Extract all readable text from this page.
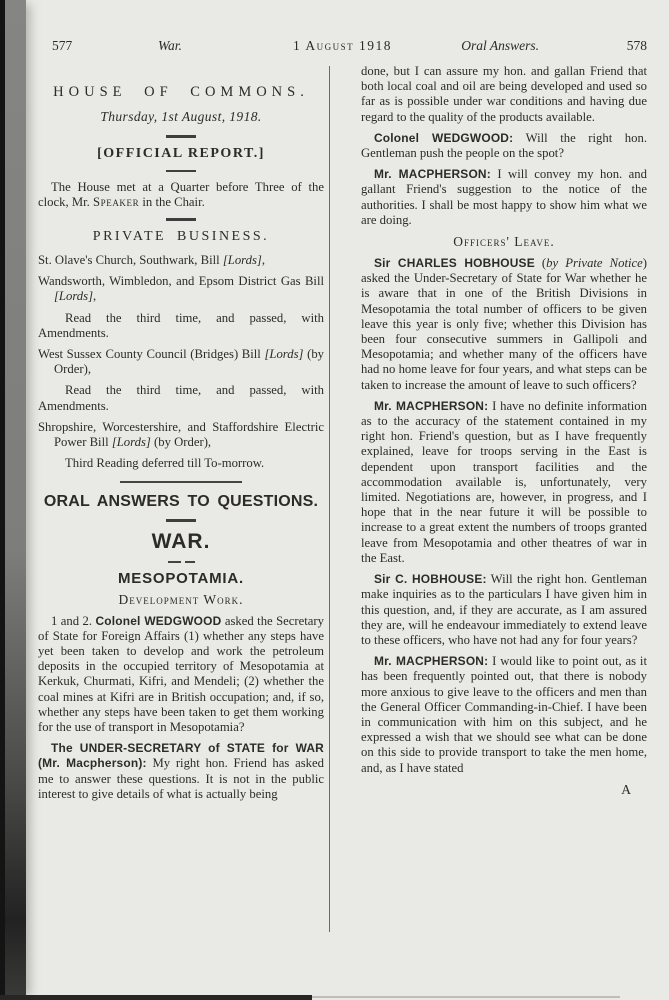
577	War.	1 August 1918	Oral Answers.	578
HOUSE OF COMMONS.
Thursday, 1st August, 1918.
[OFFICIAL REPORT.]
The House met at a Quarter before Three of the clock, Mr. Speaker in the Chair.
PRIVATE BUSINESS.
St. Olave's Church, Southwark, Bill [Lords],
Wandsworth, Wimbledon, and Epsom District Gas Bill [Lords],
Read the third time, and passed, with Amendments.
West Sussex County Council (Bridges) Bill [Lords] (by Order),
Read the third time, and passed, with Amendments.
Shropshire, Worcestershire, and Staffordshire Electric Power Bill [Lords] (by Order),
Third Reading deferred till To-morrow.
ORAL ANSWERS TO QUESTIONS.
WAR.
MESOPOTAMIA.
Development Work.
1 and 2. Colonel WEDGWOOD asked the Secretary of State for Foreign Affairs (1) whether any steps have yet been taken to develop and work the petroleum deposits in the occupied territory of Mesopotamia at Kerkuk, Churmati, Kifri, and Mendeli; (2) whether the coal mines at Kifri are in British occupation; and, if so, whether any steps have been taken to get them working for the use of transport in Mesopotamia?
The UNDER-SECRETARY of STATE for WAR (Mr. Macpherson): My right hon. Friend has asked me to answer these questions. It is not in the public interest to give details of what is actually being
done, but I can assure my hon. and gallan Friend that both local coal and oil are being developed and used so far as is possible under war conditions and having due regard to the quality of the products available.
Colonel WEDGWOOD: Will the right hon. Gentleman push the people on the spot?
Mr. MACPHERSON: I will convey my hon. and gallant Friend's suggestion to the notice of the authorities. I shall be most happy to show him what we are doing.
Officers' Leave.
Sir CHARLES HOBHOUSE (by Private Notice) asked the Under-Secretary of State for War whether he is aware that in one of the British Divisions in Mesopotamia the total number of officers to be given leave this year is only five; whether this Division has been four consecutive summers in Gallipoli and Mesopotamia; and whether many of the officers have had no home leave for four years, and what steps can be taken to increase the amount of leave to such officers?
Mr. MACPHERSON: I have no definite information as to the accuracy of the statement contained in my right hon. Friend's question, but as I have frequently explained, leave for troops serving in the East is dependent upon transport facilities and the accommodation available is, unfortunately, very limited. Negotiations are, however, in progress, and I hope that in the near future it will be possible to increase to a great extent the numbers of troops granted leave from Mesopotamia and other theatres of war in the East.
Sir C. HOBHOUSE: Will the right hon. Gentleman make inquiries as to the particulars I have given him in this question, and, if they are accurate, as I am assured they are, will he endeavour immediately to extend leave to these officers, who have not had any for four years?
Mr. MACPHERSON: I would like to point out, as it has been frequently pointed out, that there is nobody more anxious to give leave to the officers and men than the General Officer Commanding-in-Chief. I have been in communication with him on this subject, and he expressed a wish that we should see what can be done on this side to provide transport to take the men home, and, as I have stated
A
